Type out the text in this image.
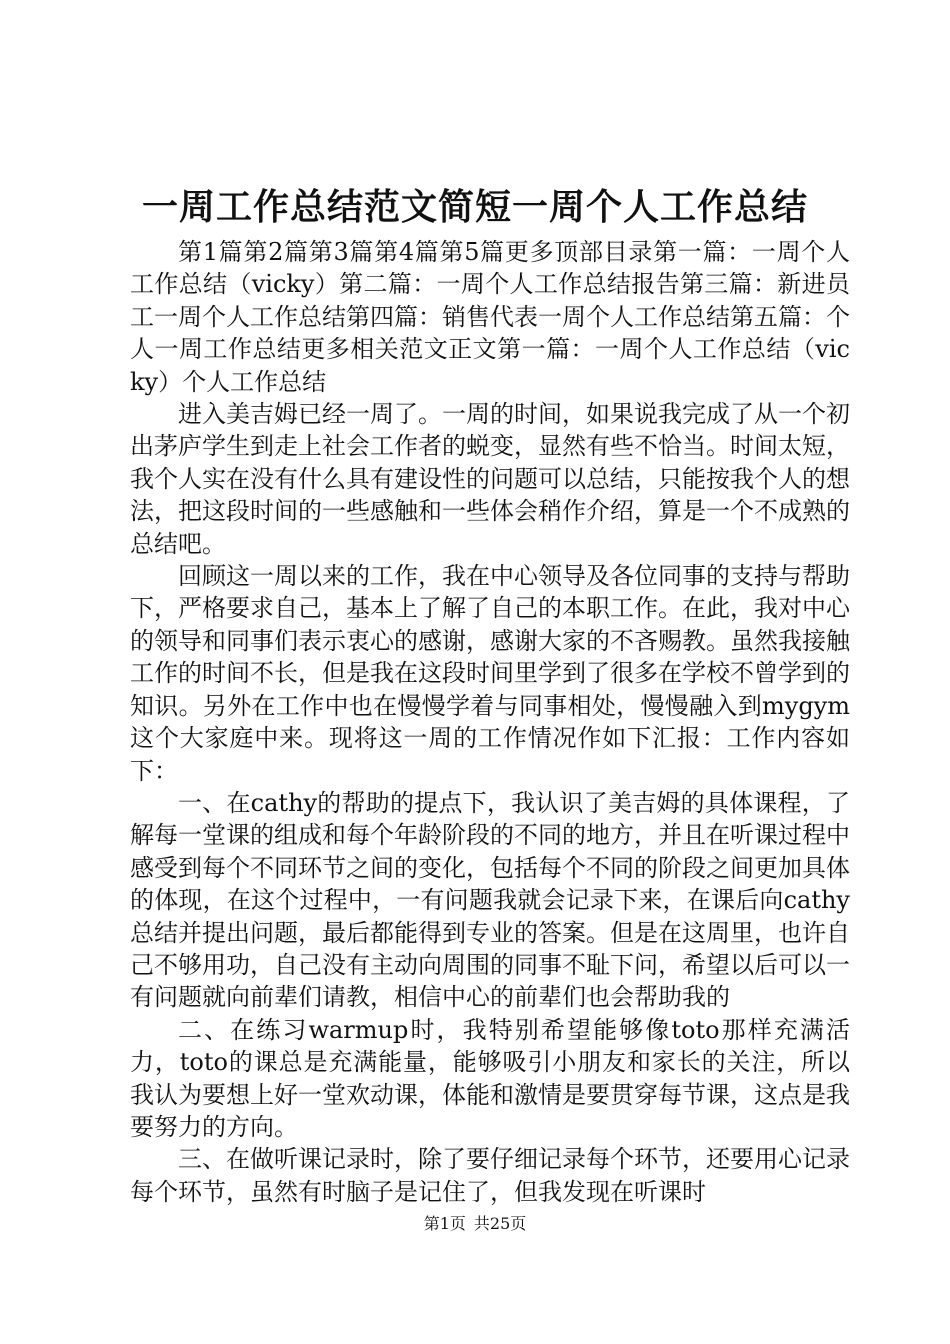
一周工作总结范文简短一周个人工作总结

第1篇第2篇第3篇第4篇第5篇更多顶部目录第一篇：一周个人工作总结（vicky）第二篇：一周个人工作总结报告第三篇：新进员工一周个人工作总结第四篇：销售代表一周个人工作总结第五篇：个人一周工作总结更多相关范文正文第一篇：一周个人工作总结（vicky）个人工作总结

进入美吉姆已经一周了。一周的时间，如果说我完成了从一个初出茅庐学生到走上社会工作者的蜕变，显然有些不恰当。时间太短，我个人实在没有什么具有建设性的问题可以总结，只能按我个人的想法，把这段时间的一些感触和一些体会稍作介绍，算是一个不成熟的总结吧。

回顾这一周以来的工作，我在中心领导及各位同事的支持与帮助下，严格要求自己，基本上了解了自己的本职工作。在此，我对中心的领导和同事们表示衷心的感谢，感谢大家的不吝赐教。虽然我接触工作的时间不长，但是我在这段时间里学到了很多在学校不曾学到的知识。另外在工作中也在慢慢学着与同事相处，慢慢融入到mygym这个大家庭中来。现将这一周的工作情况作如下汇报：工作内容如下：

一、在cathy的帮助的提点下，我认识了美吉姆的具体课程，了解每一堂课的组成和每个年龄阶段的不同的地方，并且在听课过程中感受到每个不同环节之间的变化，包括每个不同的阶段之间更加具体的体现，在这个过程中，一有问题我就会记录下来，在课后向cathy总结并提出问题，最后都能得到专业的答案。但是在这周里，也许自己不够用功，自己没有主动向周围的同事不耻下问，希望以后可以一有问题就向前辈们请教，相信中心的前辈们也会帮助我的

二、在练习warmup时，我特别希望能够像toto那样充满活力，toto的课总是充满能量，能够吸引小朋友和家长的关注，所以我认为要想上好一堂欢动课，体能和激情是要贯穿每节课，这点是我要努力的方向。

三、在做听课记录时，除了要仔细记录每个环节，还要用心记录每个环节，虽然有时脑子是记住了，但我发现在听课时

第1页 共25页
